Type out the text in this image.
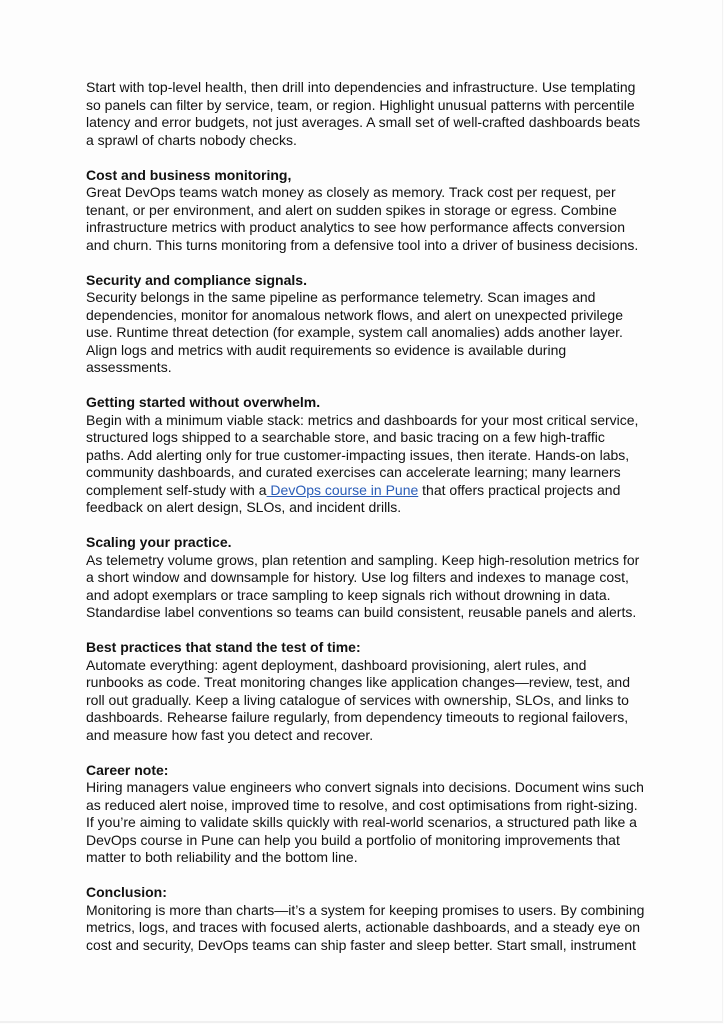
Start with top-level health, then drill into dependencies and infrastructure. Use templating so panels can filter by service, team, or region. Highlight unusual patterns with percentile latency and error budgets, not just averages. A small set of well-crafted dashboards beats a sprawl of charts nobody checks.
Cost and business monitoring,
Great DevOps teams watch money as closely as memory. Track cost per request, per tenant, or per environment, and alert on sudden spikes in storage or egress. Combine infrastructure metrics with product analytics to see how performance affects conversion and churn. This turns monitoring from a defensive tool into a driver of business decisions.
Security and compliance signals.
Security belongs in the same pipeline as performance telemetry. Scan images and dependencies, monitor for anomalous network flows, and alert on unexpected privilege use. Runtime threat detection (for example, system call anomalies) adds another layer. Align logs and metrics with audit requirements so evidence is available during assessments.
Getting started without overwhelm.
Begin with a minimum viable stack: metrics and dashboards for your most critical service, structured logs shipped to a searchable store, and basic tracing on a few high-traffic paths. Add alerting only for true customer-impacting issues, then iterate. Hands-on labs, community dashboards, and curated exercises can accelerate learning; many learners complement self-study with a DevOps course in Pune that offers practical projects and feedback on alert design, SLOs, and incident drills.
Scaling your practice.
As telemetry volume grows, plan retention and sampling. Keep high-resolution metrics for a short window and downsample for history. Use log filters and indexes to manage cost, and adopt exemplars or trace sampling to keep signals rich without drowning in data. Standardise label conventions so teams can build consistent, reusable panels and alerts.
Best practices that stand the test of time:
Automate everything: agent deployment, dashboard provisioning, alert rules, and runbooks as code. Treat monitoring changes like application changes—review, test, and roll out gradually. Keep a living catalogue of services with ownership, SLOs, and links to dashboards. Rehearse failure regularly, from dependency timeouts to regional failovers, and measure how fast you detect and recover.
Career note:
Hiring managers value engineers who convert signals into decisions. Document wins such as reduced alert noise, improved time to resolve, and cost optimisations from right-sizing. If you’re aiming to validate skills quickly with real-world scenarios, a structured path like a DevOps course in Pune can help you build a portfolio of monitoring improvements that matter to both reliability and the bottom line.
Conclusion:
Monitoring is more than charts—it’s a system for keeping promises to users. By combining metrics, logs, and traces with focused alerts, actionable dashboards, and a steady eye on cost and security, DevOps teams can ship faster and sleep better. Start small, instrument
